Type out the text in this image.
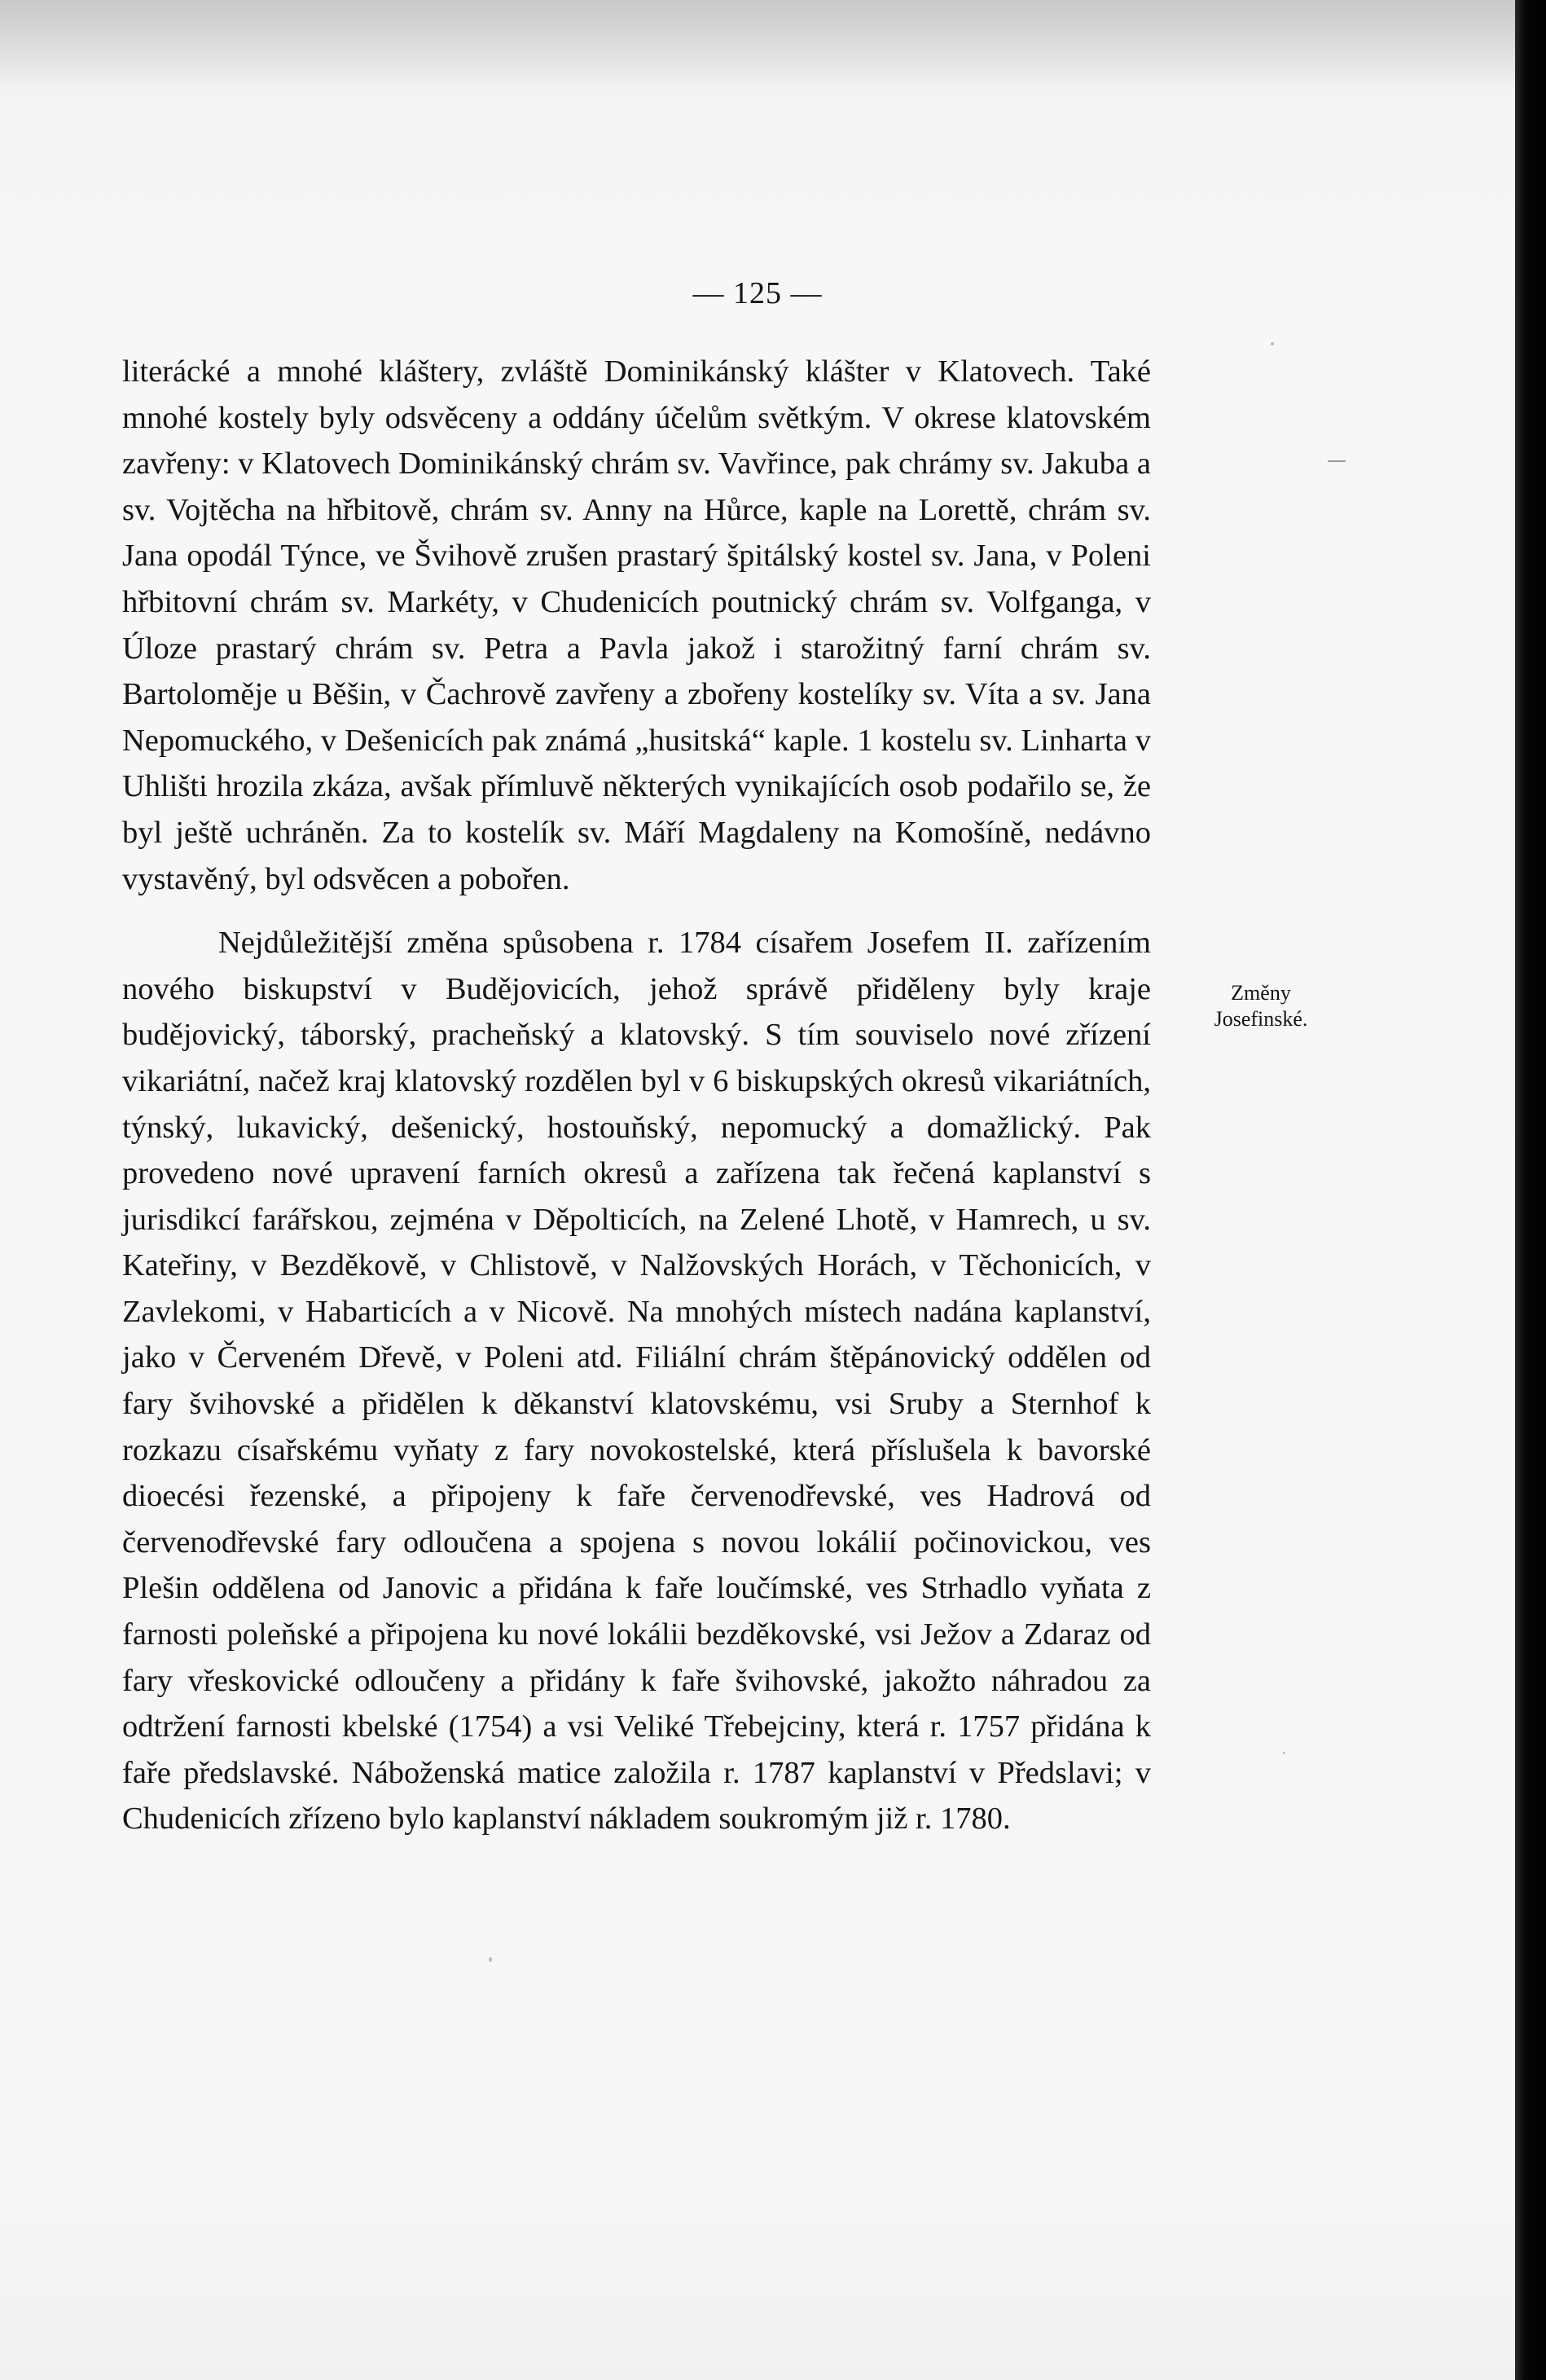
— 125 —

literácké a mnohé kláštery, zvláště Dominikánský klášter v Klatovech. Také mnohé kostely byly odsvěceny a oddány účelům světkým. V okrese klatovském zavřeny: v Klatovech Dominikánský chrám sv. Vavřince, pak chrámy sv. Jakuba a sv. Vojtěcha na hřbitově, chrám sv. Anny na Hůrce, kaple na Lorettě, chrám sv. Jana opodál Týnce, ve Švihově zrušen prastarý špitálský kostel sv. Jana, v Poleni hřbitovní chrám sv. Markéty, v Chudenicích poutnický chrám sv. Volfganga, v Úloze prastarý chrám sv. Petra a Pavla jakož i starožitný farní chrám sv. Bartoloměje u Běšin, v Čachrově zavřeny a zbořeny kostelíky sv. Víta a sv. Jana Nepomuckého, v Dešenicích pak známá „husitská“ kaple. 1 kostelu sv. Linharta v Uhlišti hrozila zkáza, avšak přímluvě některých vynikajících osob podařilo se, že byl ještě uchráněn. Za to kostelík sv. Máří Magdaleny na Komošíně, nedávno vystavěný, byl odsvěcen a pobořen.

Nejdůležitější změna spůsobena r. 1784 císařem Josefem II. zařízením nového biskupství v Budějovicích, jehož správě přiděleny byly kraje budějovický, táborský, pracheňský a klatovský. S tím souviselo nové zřízení vikariátní, načež kraj klatovský rozdělen byl v 6 biskupských okresů vikariátních, týnský, lukavický, dešenický, hostouňský, nepomucký a domažlický. Pak provedeno nové upravení farních okresů a zařízena tak řečená kaplanství s jurisdikcí farářskou, zejména v Děpolticích, na Zelené Lhotě, v Hamrech, u sv. Kateřiny, v Bezděkově, v Chlistově, v Nalžovských Horách, v Těchonicích, v Zavlekomi, v Habarticích a v Nicově. Na mnohých místech nadána kaplanství, jako v Červeném Dřevě, v Poleni atd. Filiální chrám štěpánovický oddělen od fary švihovské a přidělen k děkanství klatovskému, vsi Sruby a Sternhof k rozkazu císařskému vyňaty z fary novokostelské, která příslušela k bavorské dioecési řezenské, a připojeny k faře červenodřevské, ves Hadrová od červenodřevské fary odloučena a spojena s novou lokálií počinovickou, ves Plešin oddělena od Janovic a přidána k faře loučímské, ves Strhadlo vyňata z farnosti poleňské a připojena ku nové lokálii bezděkovské, vsi Ježov a Zdaraz od fary vřeskovické odloučeny a přidány k faře švihovské, jakožto náhradou za odtržení farnosti kbelské (1754) a vsi Veliké Třebejciny, která r. 1757 přidána k faře předslavské. Náboženská matice založila r. 1787 kaplanství v Předslavi; v Chudenicích zřízeno bylo kaplanství nákladem soukromým již r. 1780.

Změny
Josefinské.
